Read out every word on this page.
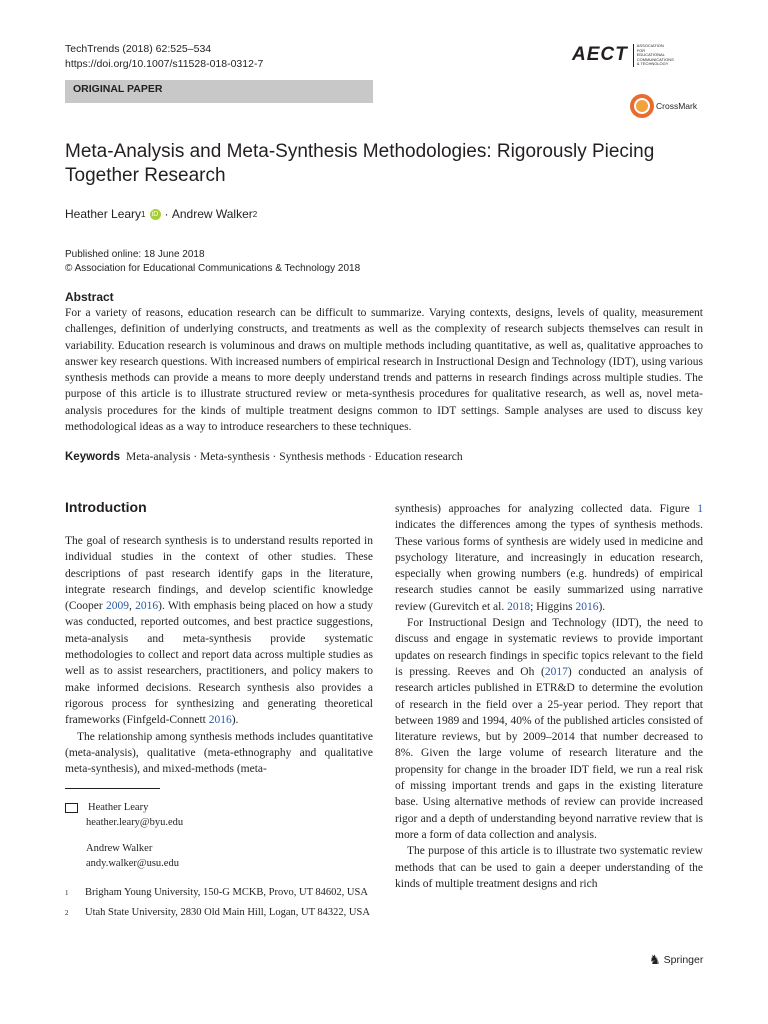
TechTrends (2018) 62:525–534
https://doi.org/10.1007/s11528-018-0312-7	AECT	ASSOCIATION FOR EDUCATIONAL COMMUNICATIONS & TECHNOLOGY
ORIGINAL PAPER
CrossMark
Meta-Analysis and Meta-Synthesis Methodologies: Rigorously Piecing Together Research
Heather Leary 1 iD ·
Andrew Walker 2
Published online: 18 June 2018
© Association for Educational Communications & Technology 2018
Abstract
For a variety of reasons, education research can be difficult to summarize. Varying contexts, designs, levels of quality, measurement challenges, definition of underlying constructs, and treatments as well as the complexity of research subjects themselves can result in variability. Education research is voluminous and draws on multiple methods including quantitative, as well as, qualitative approaches to answer key research questions. With increased numbers of empirical research in Instructional Design and Technology (IDT), using various synthesis methods can provide a means to more deeply understand trends and patterns in research findings across multiple studies. The purpose of this article is to illustrate structured review or meta-synthesis procedures for qualitative research, as well as, novel meta-analysis procedures for the kinds of multiple treatment designs common to IDT settings. Sample analyses are used to discuss key methodological ideas as a way to introduce researchers to these techniques.
Keywords Meta-analysis · Meta-synthesis · Synthesis methods · Education research
Introduction

The goal of research synthesis is to understand results reported in individual studies in the context of other studies. These descriptions of past research identify gaps in the literature, integrate research findings, and develop scientific knowledge (Cooper 2009, 2016). With emphasis being placed on how a study was conducted, reported outcomes, and best practice suggestions, meta-analysis and meta-synthesis provide systematic methodologies to collect and report data across multiple studies as well as to assist researchers, practitioners, and policy makers to make informed decisions. Research synthesis also provides a rigorous process for synthesizing and generating theoretical frameworks (Finfgeld-Connett 2016).

The relationship among synthesis methods includes quantitative (meta-analysis), qualitative (meta-ethnography and qualitative meta-synthesis), and mixed-methods (meta-

synthesis) approaches for analyzing collected data. Figure 1 indicates the differences among the types of synthesis methods. These various forms of synthesis are widely used in medicine and psychology literature, and increasingly in education research, especially when growing numbers (e.g. hundreds) of empirical research studies cannot be easily summarized using narrative review (Gurevitch et al. 2018; Higgins 2016).

For Instructional Design and Technology (IDT), the need to discuss and engage in systematic reviews to provide important updates on research findings in specific topics relevant to the field is pressing. Reeves and Oh (2017) conducted an analysis of research articles published in ETR&D to determine the evolution of research in the field over a 25-year period. They report that between 1989 and 1994, 40% of the published articles consisted of literature reviews, but by 2009–2014 that number decreased to 8%. Given the large volume of research literature and the propensity for change in the broader IDT field, we run a real risk of missing important trends and gaps in the existing literature base. Using alternative methods of review can provide increased rigor and a depth of understanding beyond narrative review that is more a form of data collection and analysis.

The purpose of this article is to illustrate two systematic review methods that can be used to gain a deeper understanding of the kinds of multiple treatment designs and rich

Heather Leary
heather.leary@byu.edu
Andrew Walker
andy.walker@usu.edu
1	Brigham Young University, 150-G MCKB, Provo, UT 84602, USA
2	Utah State University, 2830 Old Main Hill, Logan, UT 84322, USA
♞ Springer
